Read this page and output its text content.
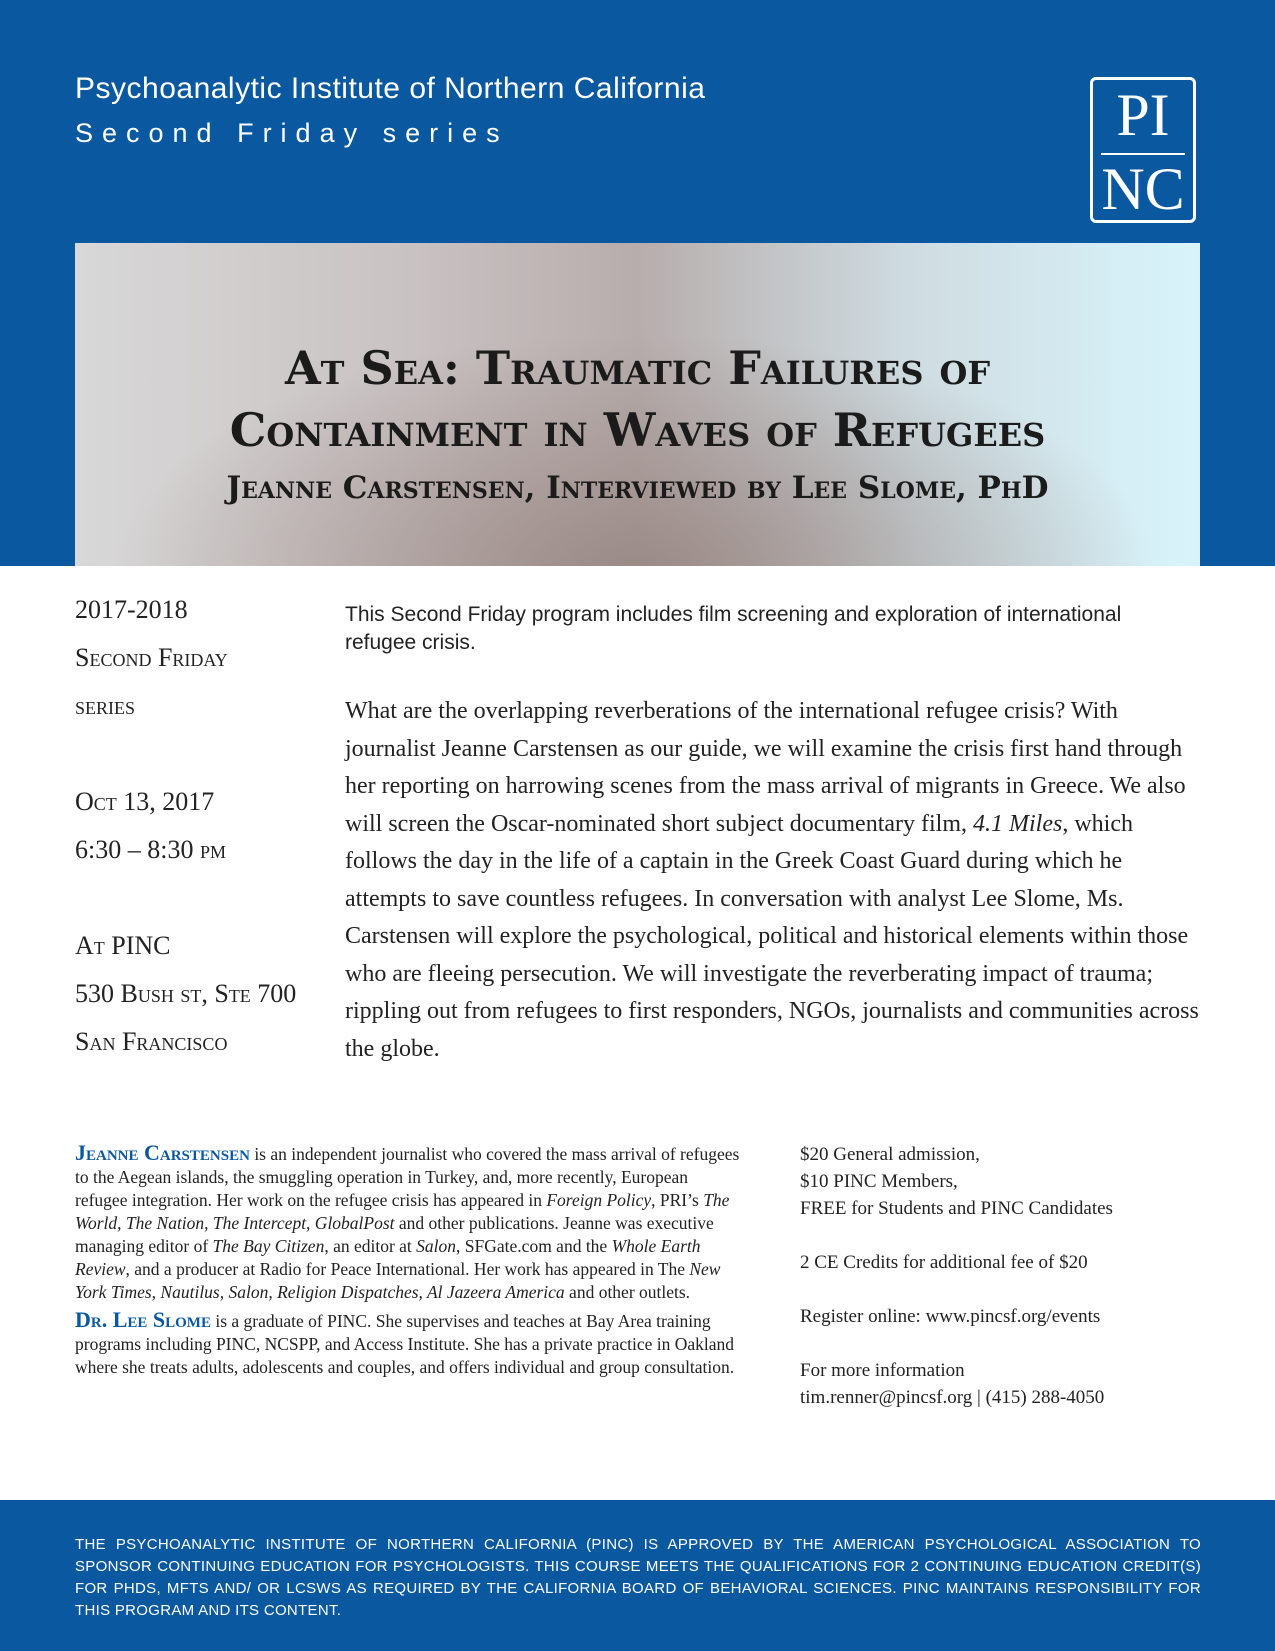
Psychoanalytic Institute of Northern California
Second Friday series	PI
NC
At Sea: Traumatic Failures of
Containment in Waves of Refugees
Jeanne Carstensen, Interviewed by Lee Slome, PhD
2017-2018
Second Friday
series
Oct 13, 2017
6:30 – 8:30 pm
At PINC
530 Bush st, Ste 700
San Francisco
This Second Friday program includes film screening and exploration of international refugee crisis.
What are the overlapping reverberations of the international refugee crisis? With journalist Jeanne Carstensen as our guide, we will examine the crisis first hand through her reporting on harrowing scenes from the mass arrival of migrants in Greece. We also will screen the Oscar-nominated short subject documentary film, 4.1 Miles, which follows the day in the life of a captain in the Greek Coast Guard during which he attempts to save countless refugees. In conversation with analyst Lee Slome, Ms. Carstensen will explore the psychological, political and historical elements within those who are fleeing persecution. We will investigate the reverberating impact of trauma; rippling out from refugees to first responders, NGOs, journalists and communities across the globe.

Jeanne Carstensen is an independent journalist who covered the mass arrival of refugees to the Aegean islands, the smuggling operation in Turkey, and, more recently, European refugee integration. Her work on the refugee crisis has appeared in Foreign Policy, PRI’s The World, The Nation, The Intercept, GlobalPost and other publications. Jeanne was executive managing editor of The Bay Citizen, an editor at Salon, SFGate.com and the Whole Earth Review, and a producer at Radio for Peace International. Her work has appeared in The New York Times, Nautilus, Salon, Religion Dispatches, Al Jazeera America and other outlets.

Dr. Lee Slome is a graduate of PINC. She supervises and teaches at Bay Area training programs including PINC, NCSPP, and Access Institute. She has a private practice in Oakland where she treats adults, adolescents and couples, and offers individual and group consultation.

$20 General admission,
$10 PINC Members,
FREE for Students and PINC Candidates
2 CE Credits for additional fee of $20
Register online: www.pincsf.org/events
For more information
tim.renner@pincsf.org | (415) 288-4050
THE PSYCHOANALYTIC INSTITUTE OF NORTHERN CALIFORNIA (PINC) IS APPROVED BY THE AMERICAN PSYCHOLOGICAL ASSOCIATION TO SPONSOR CONTINUING EDUCATION FOR PSYCHOLOGISTS. THIS COURSE MEETS THE QUALIFICATIONS FOR 2 CONTINUING EDUCATION CREDIT(S) FOR PHDS, MFTS AND/ OR LCSWS AS REQUIRED BY THE CALIFORNIA BOARD OF BEHAVIORAL SCIENCES. PINC MAINTAINS RESPONSIBILITY FOR THIS PROGRAM AND ITS CONTENT.
